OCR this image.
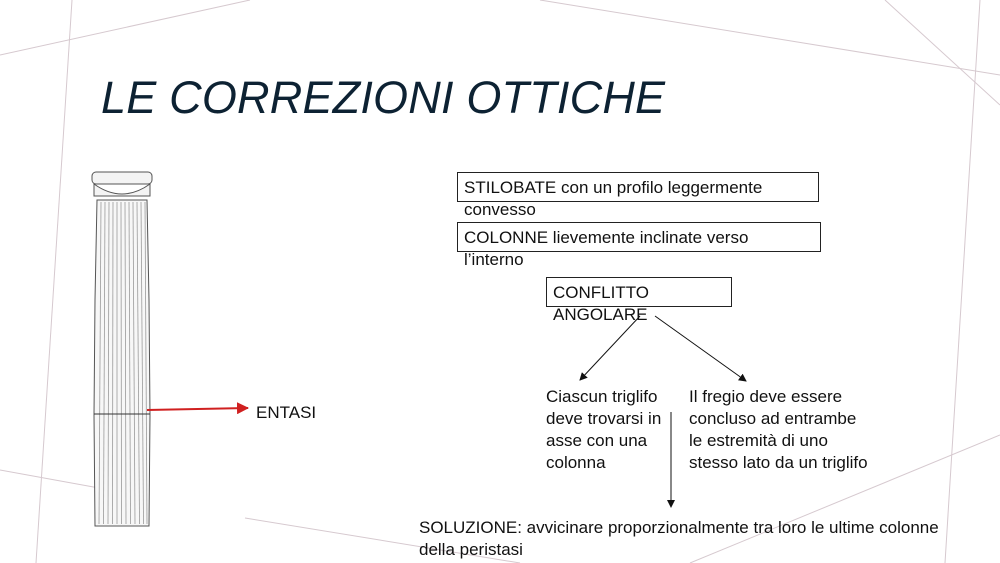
LE CORREZIONI OTTICHE
ENTASI
STILOBATE con un profilo leggermente convesso
COLONNE lievemente inclinate verso l’interno
CONFLITTO ANGOLARE
Ciascun triglifo deve trovarsi in asse con una colonna
Il fregio deve essere concluso ad entrambe le estremità di uno stesso lato da un triglifo
SOLUZIONE: avvicinare proporzionalmente tra loro le ultime colonne della peristasi
